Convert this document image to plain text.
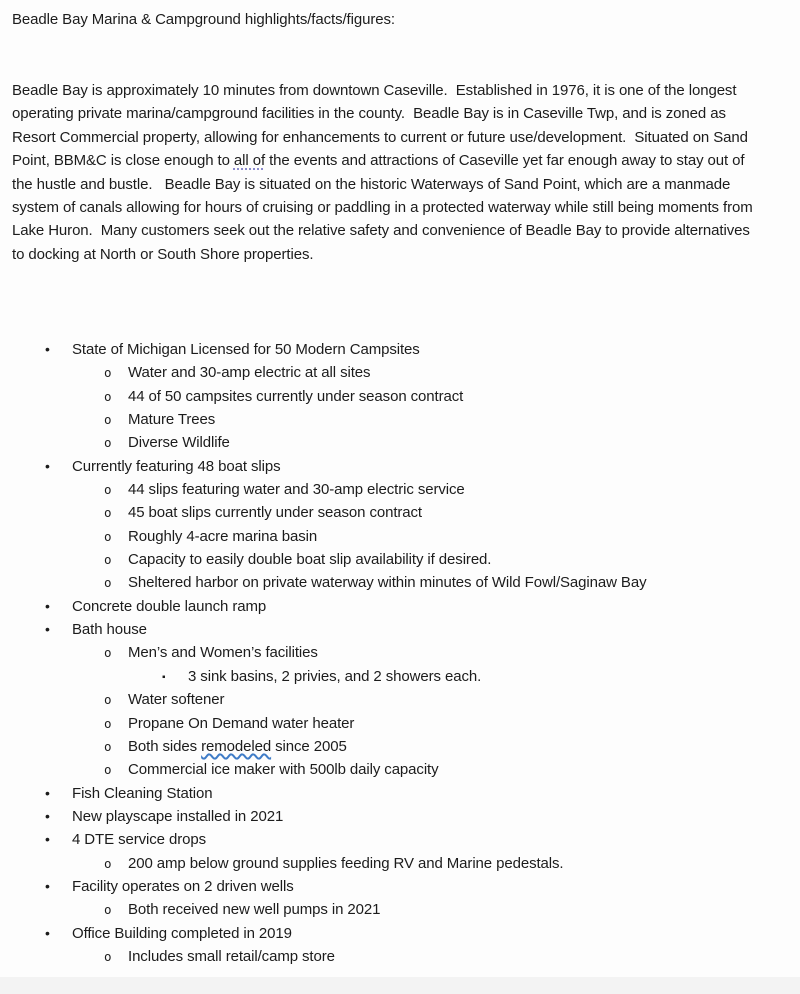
Beadle Bay Marina & Campground highlights/facts/figures:
Beadle Bay is approximately 10 minutes from downtown Caseville.  Established in 1976, it is one of the longest operating private marina/campground facilities in the county.  Beadle Bay is in Caseville Twp, and is zoned as Resort Commercial property, allowing for enhancements to current or future use/development.  Situated on Sand Point, BBM&C is close enough to all of the events and attractions of Caseville yet far enough away to stay out of the hustle and bustle.   Beadle Bay is situated on the historic Waterways of Sand Point, which are a manmade system of canals allowing for hours of cruising or paddling in a protected waterway while still being moments from Lake Huron.  Many customers seek out the relative safety and convenience of Beadle Bay to provide alternatives to docking at North or South Shore properties.
• State of Michigan Licensed for 50 Modern Campsites
o Water and 30-amp electric at all sites
o 44 of 50 campsites currently under season contract
o Mature Trees
o Diverse Wildlife
• Currently featuring 48 boat slips
o 44 slips featuring water and 30-amp electric service
o 45 boat slips currently under season contract
o Roughly 4-acre marina basin
o Capacity to easily double boat slip availability if desired.
o Sheltered harbor on private waterway within minutes of Wild Fowl/Saginaw Bay
• Concrete double launch ramp
• Bath house
o Men’s and Women’s facilities
▪ 3 sink basins, 2 privies, and 2 showers each.
o Water softener
o Propane On Demand water heater
o Both sides remodeled since 2005
o Commercial ice maker with 500lb daily capacity
• Fish Cleaning Station
• New playscape installed in 2021
• 4 DTE service drops
o 200 amp below ground supplies feeding RV and Marine pedestals.
• Facility operates on 2 driven wells
o Both received new well pumps in 2021
• Office Building completed in 2019
o Includes small retail/camp store
